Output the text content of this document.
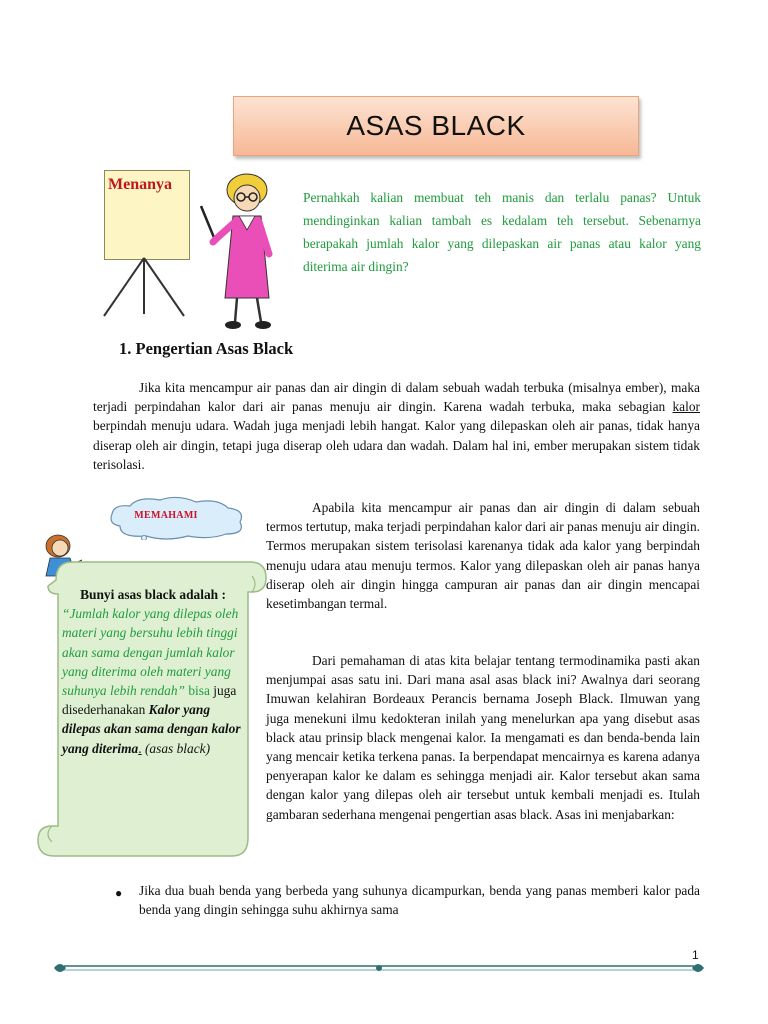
ASAS BLACK
Menanya
Pernahkah kalian membuat teh manis dan terlalu panas? Untuk mendinginkan kalian tambah es kedalam teh tersebut. Sebenarnya berapakah jumlah kalor yang dilepaskan air panas atau kalor yang diterima air dingin?
1. Pengertian Asas Black
Jika kita mencampur air panas dan air dingin di dalam sebuah wadah terbuka (misalnya ember), maka terjadi perpindahan kalor dari air panas menuju air dingin. Karena wadah terbuka, maka sebagian kalor berpindah menuju udara. Wadah juga menjadi lebih hangat. Kalor yang dilepaskan oleh air panas, tidak hanya diserap oleh air dingin, tetapi juga diserap oleh udara dan wadah. Dalam hal ini, ember merupakan sistem tidak terisolasi.
MEMAHAMI
Bunyi asas black adalah :
“Jumlah kalor yang dilepas oleh materi yang bersuhu lebih tinggi akan sama dengan jumlah kalor yang diterima oleh materi yang suhunya lebih rendah” bisa juga disederhanakan Kalor yang dilepas akan sama dengan kalor yang diterima. (asas black)
Apabila kita mencampur air panas dan air dingin di dalam sebuah termos tertutup, maka terjadi perpindahan kalor dari air panas menuju air dingin. Termos merupakan sistem terisolasi karenanya tidak ada kalor yang berpindah menuju udara atau menuju termos. Kalor yang dilepaskan oleh air panas hanya diserap oleh air dingin hingga campuran air panas dan air dingin mencapai kesetimbangan termal.
Dari pemahaman di atas kita belajar tentang termodinamika pasti akan menjumpai asas satu ini. Dari mana asal asas black ini? Awalnya dari seorang Imuwan kelahiran Bordeaux Perancis bernama Joseph Black. Ilmuwan yang juga menekuni ilmu kedokteran inilah yang menelurkan apa yang disebut asas black atau prinsip black mengenai kalor. Ia mengamati es dan benda-benda lain yang mencair ketika terkena panas. Ia berpendapat mencairnya es karena adanya penyerapan kalor ke dalam es sehingga menjadi air. Kalor tersebut akan sama dengan kalor yang dilepas oleh air tersebut untuk kembali menjadi es. Itulah gambaran sederhana mengenai pengertian asas black. Asas ini menjabarkan:
● Jika dua buah benda yang berbeda yang suhunya dicampurkan, benda yang panas memberi kalor pada benda yang dingin sehingga suhu akhirnya sama
1
